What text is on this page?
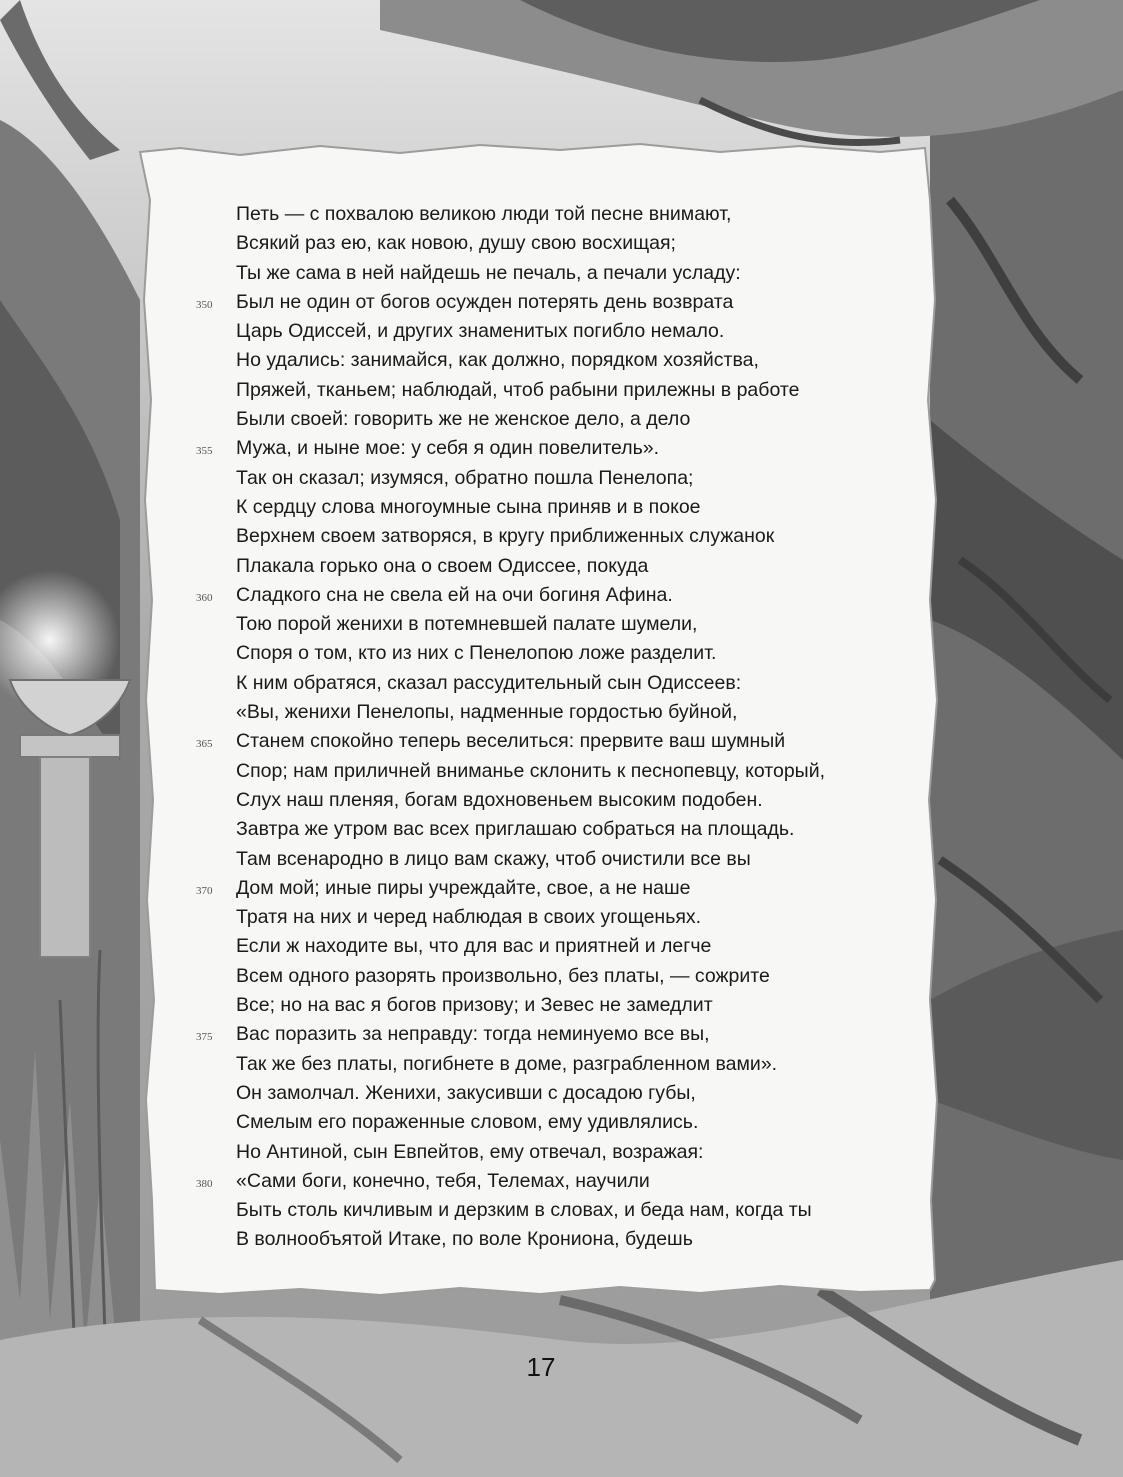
Петь — с похвалою великою люди той песне внимают,
Всякий раз ею, как новою, душу свою восхищая;
Ты же сама в ней найдешь не печаль, а печали усладу:
350	Был не один от богов осужден потерять день возврата
Царь Одиссей, и других знаменитых погибло немало.
Но удались: занимайся, как должно, порядком хозяйства,
Пряжей, тканьем; наблюдай, чтоб рабыни прилежны в работе
Были своей: говорить же не женское дело, а дело
355	Мужа, и ныне мое: у себя я один повелитель».
Так он сказал; изумяся, обратно пошла Пенелопа;
К сердцу слова многоумные сына приняв и в покое
Верхнем своем затворяся, в кругу приближенных служанок
Плакала горько она о своем Одиссее, покуда
360	Сладкого сна не свела ей на очи богиня Афина.
Тою порой женихи в потемневшей палате шумели,
Споря о том, кто из них с Пенелопою ложе разделит.
К ним обратяся, сказал рассудительный сын Одиссеев:
«Вы, женихи Пенелопы, надменные гордостью буйной,
365	Станем спокойно теперь веселиться: прервите ваш шумный
Спор; нам приличней вниманье склонить к песнопевцу, который,
Слух наш пленяя, богам вдохновеньем высоким подобен.
Завтра же утром вас всех приглашаю собраться на площадь.
Там всенародно в лицо вам скажу, чтоб очистили все вы
370	Дом мой; иные пиры учреждайте, свое, а не наше
Тратя на них и черед наблюдая в своих угощеньях.
Если ж находите вы, что для вас и приятней и легче
Всем одного разорять произвольно, без платы, — сожрите
Все; но на вас я богов призову; и Зевес не замедлит
375	Вас поразить за неправду: тогда неминуемо все вы,
Так же без платы, погибнете в доме, разграбленном вами».
Он замолчал. Женихи, закусивши с досадою губы,
Смелым его пораженные словом, ему удивлялись.
Но Антиной, сын Евпейтов, ему отвечал, возражая:
380	«Сами боги, конечно, тебя, Телемах, научили
Быть столь кичливым и дерзким в словах, и беда нам, когда ты
В волнообъятой Итаке, по воле Крониона, будешь
17
